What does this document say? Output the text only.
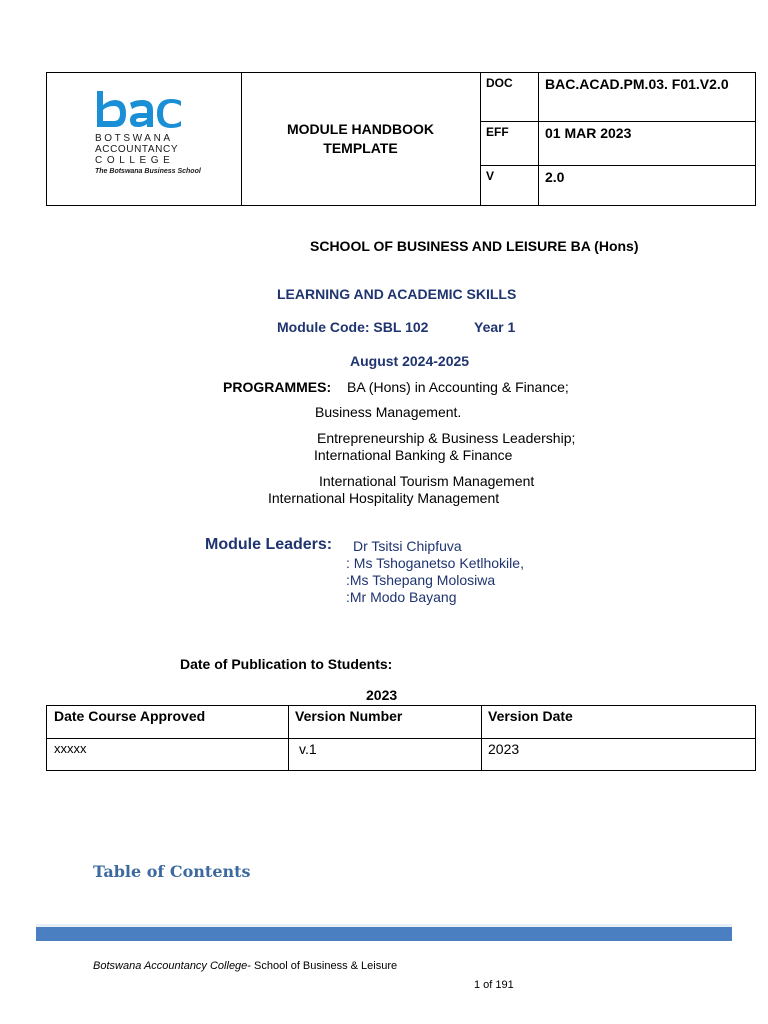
BOTSWANA
ACCOUNTANCY
COLLEGE
The Botswana Business School
MODULE HANDBOOK
TEMPLATE
DOC	BAC.ACAD.PM.03. F01.V2.0
EFF	01 MAR 2023
V	2.0
SCHOOL OF BUSINESS AND LEISURE BA (Hons)
LEARNING AND ACADEMIC SKILLS
Module Code: SBL 102	Year 1
August 2024-2025
PROGRAMMES: BA (Hons) in Accounting & Finance;
Business Management.
Entrepreneurship & Business Leadership;
International Banking & Finance
International Tourism Management
International Hospitality Management
Module Leaders: Dr Tsitsi Chipfuva
: Ms Tshoganetso Ketlhokile,
:Ms Tshepang Molosiwa
:Mr Modo Bayang
Date of Publication to Students:
2023
Date Course Approved	Version Number	Version Date
xxxxx	v.1	2023
Table of Contents
Botswana Accountancy College- School of Business & Leisure
1 of 191
